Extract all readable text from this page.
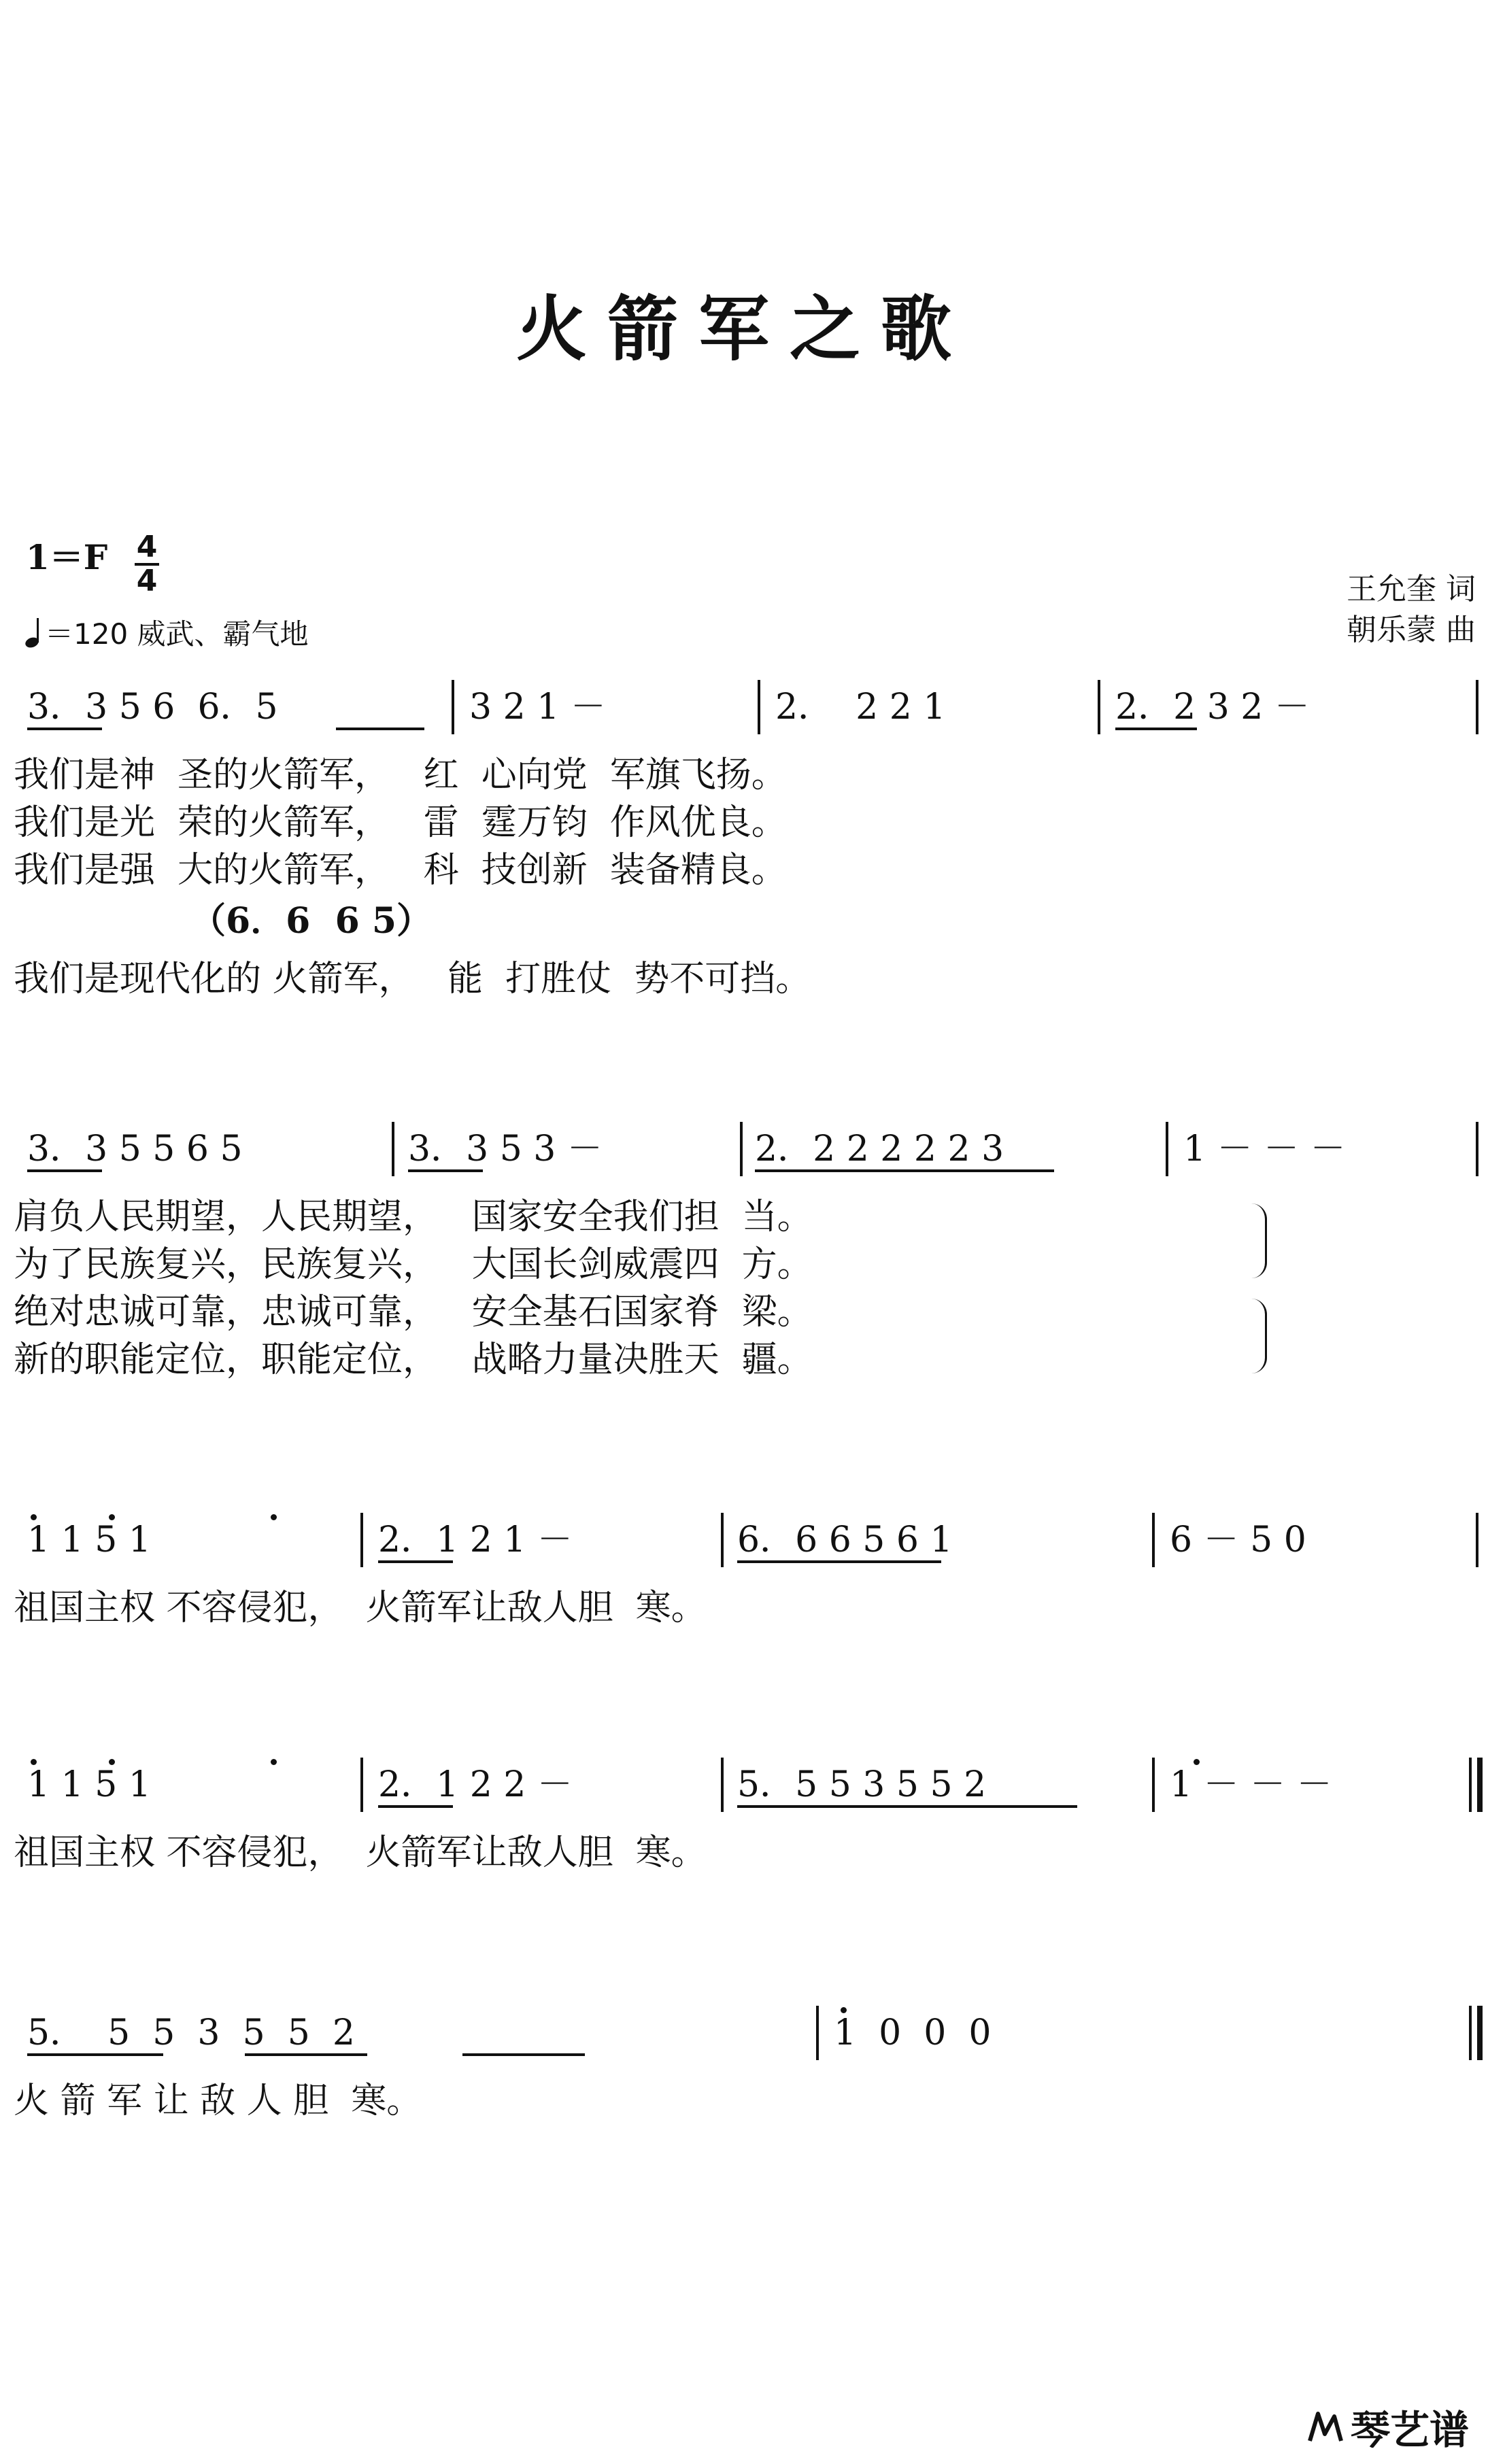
火箭军之歌
1＝F 4
4
＝120 威武、霸气地
王允奎 词
朝乐蒙 曲
3．3 5 6  6．5	3 2 1 －	2．  2 2 1	2．2 3 2 －
我们是神  圣的火箭军，   红  心向党  军旗飞扬。
我们是光  荣的火箭军，   雷  霆万钧  作风优良。
我们是强  大的火箭军，   科  技创新  装备精良。
（6．6  6 5）
我们是现代化的 火箭军，   能  打胜仗  势不可挡。
3．3 5 5 6 5	3．3 5 3 －	2．2 2 2 2 2 3	1 － － －
肩负人民期望，人民期望，   国家安全我们担  当。
为了民族复兴，民族复兴，   大国长剑威震四  方。
绝对忠诚可靠，忠诚可靠，   安全基石国家脊  梁。
新的职能定位，职能定位，   战略力量决胜天  疆。
1 1 5 1	2．1 2 1 －	6．6 6 5 6 1	6 － 5 0
祖国主权 不容侵犯，  火箭军让敌人胆  寒。
1 1 5 1	2．1 2 2 －	5．5 5 3 5 5 2	1 － － －
祖国主权 不容侵犯，  火箭军让敌人胆  寒。
5．  5  5  3  5  5  2	1  0  0  0
火 箭 军 让 敌 人 胆  寒。
琴艺谱
